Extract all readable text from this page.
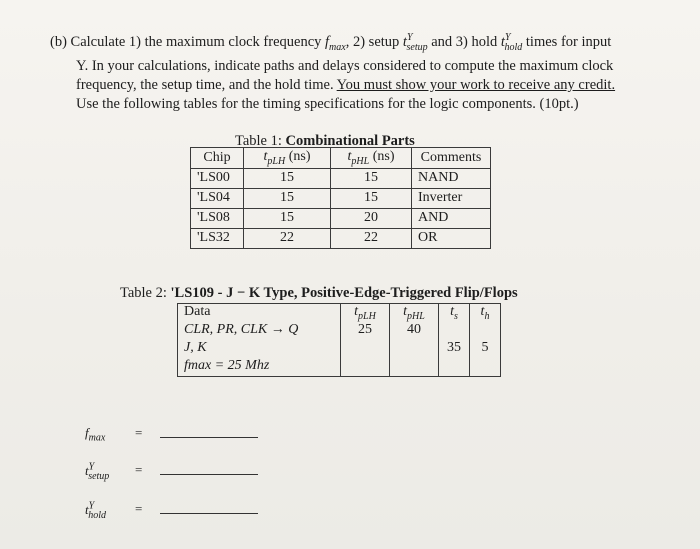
(b) Calculate 1) the maximum clock frequency $f_{max}$, 2) setup $t^Y_{setup}$ and 3) hold $t^Y_{hold}$ times for input

Y. In your calculations, indicate paths and delays considered to compute the maximum clock

frequency, the setup time, and the hold time. You must show your work to receive any credit.

Use the following tables for the timing specifications for the logic components. (10pt.)

Table 1: Combinational Parts
Chip	$t_{pLH}$ (ns)	$t_{pHL}$ (ns)	Comments
'LS00	15	15	NAND
'LS04	15	15	Inverter
'LS08	15	20	AND
'LS32	22	22	OR
Table 2: 'LS109 - J − K Type, Positive-Edge-Triggered Flip/Flops
Data	$t_{pLH}$	$t_{pHL}$	$t_s$	$t_h$
CLR, PR, CLK → Q	25	40		
J, K			35	5
fmax = 25 Mhz				
$f_{max}$ =
$t^Y_{setup}$ =
$t^Y_{hold}$ =
